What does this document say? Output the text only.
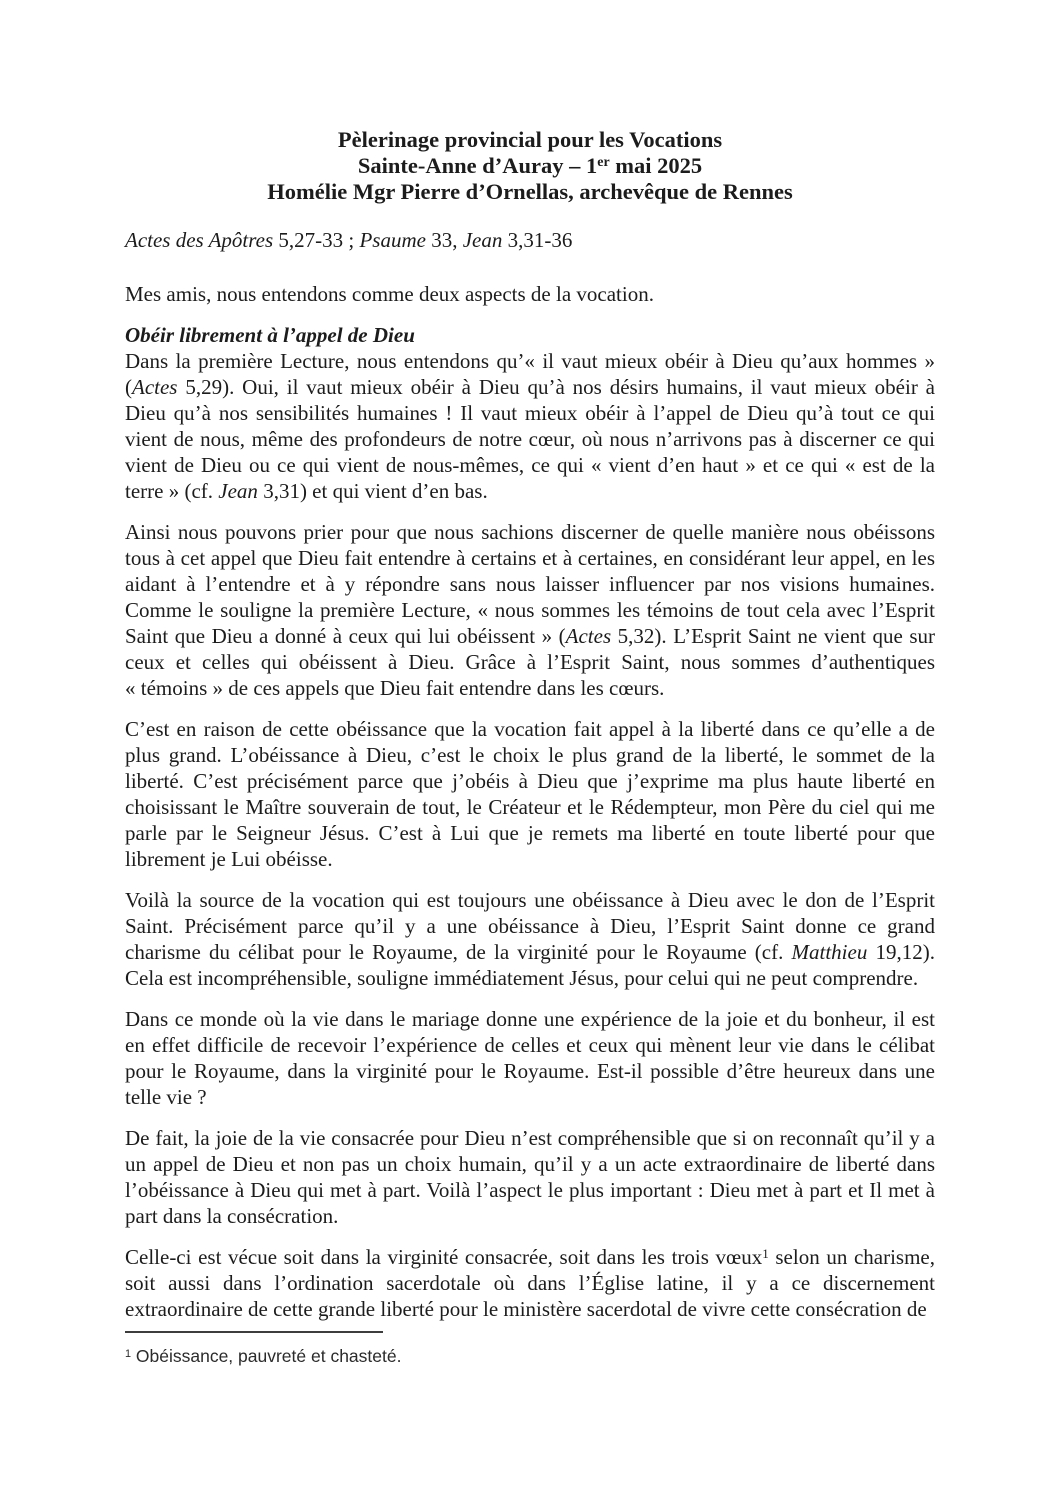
Pèlerinage provincial pour les Vocations
Sainte-Anne d’Auray – 1er mai 2025
Homélie Mgr Pierre d’Ornellas, archevêque de Rennes
Actes des Apôtres 5,27-33 ; Psaume 33, Jean 3,31-36
Mes amis, nous entendons comme deux aspects de la vocation.
Obéir librement à l’appel de Dieu

Dans la première Lecture, nous entendons qu’« il vaut mieux obéir à Dieu qu’aux hommes » (Actes 5,29). Oui, il vaut mieux obéir à Dieu qu’à nos désirs humains, il vaut mieux obéir à Dieu qu’à nos sensibilités humaines ! Il vaut mieux obéir à l’appel de Dieu qu’à tout ce qui vient de nous, même des profondeurs de notre cœur, où nous n’arrivons pas à discerner ce qui vient de Dieu ou ce qui vient de nous-mêmes, ce qui « vient d’en haut » et ce qui « est de la terre » (cf. Jean 3,31) et qui vient d’en bas.

Ainsi nous pouvons prier pour que nous sachions discerner de quelle manière nous obéissons tous à cet appel que Dieu fait entendre à certains et à certaines, en considérant leur appel, en les aidant à l’entendre et à y répondre sans nous laisser influencer par nos visions humaines. Comme le souligne la première Lecture, « nous sommes les témoins de tout cela avec l’Esprit Saint que Dieu a donné à ceux qui lui obéissent » (Actes 5,32). L’Esprit Saint ne vient que sur ceux et celles qui obéissent à Dieu. Grâce à l’Esprit Saint, nous sommes d’authentiques « témoins » de ces appels que Dieu fait entendre dans les cœurs.

C’est en raison de cette obéissance que la vocation fait appel à la liberté dans ce qu’elle a de plus grand. L’obéissance à Dieu, c’est le choix le plus grand de la liberté, le sommet de la liberté. C’est précisément parce que j’obéis à Dieu que j’exprime ma plus haute liberté en choisissant le Maître souverain de tout, le Créateur et le Rédempteur, mon Père du ciel qui me parle par le Seigneur Jésus. C’est à Lui que je remets ma liberté en toute liberté pour que librement je Lui obéisse.

Voilà la source de la vocation qui est toujours une obéissance à Dieu avec le don de l’Esprit Saint. Précisément parce qu’il y a une obéissance à Dieu, l’Esprit Saint donne ce grand charisme du célibat pour le Royaume, de la virginité pour le Royaume (cf. Matthieu 19,12). Cela est incompréhensible, souligne immédiatement Jésus, pour celui qui ne peut comprendre.

Dans ce monde où la vie dans le mariage donne une expérience de la joie et du bonheur, il est en effet difficile de recevoir l’expérience de celles et ceux qui mènent leur vie dans le célibat pour le Royaume, dans la virginité pour le Royaume. Est-il possible d’être heureux dans une telle vie ?

De fait, la joie de la vie consacrée pour Dieu n’est compréhensible que si on reconnaît qu’il y a un appel de Dieu et non pas un choix humain, qu’il y a un acte extraordinaire de liberté dans l’obéissance à Dieu qui met à part. Voilà l’aspect le plus important : Dieu met à part et Il met à part dans la consécration.

Celle-ci est vécue soit dans la virginité consacrée, soit dans les trois vœux$^1$ selon un charisme, soit aussi dans l’ordination sacerdotale où dans l’Église latine, il y a ce discernement extraordinaire de cette grande liberté pour le ministère sacerdotal de vivre cette consécration de

$^1$ Obéissance, pauvreté et chasteté.
